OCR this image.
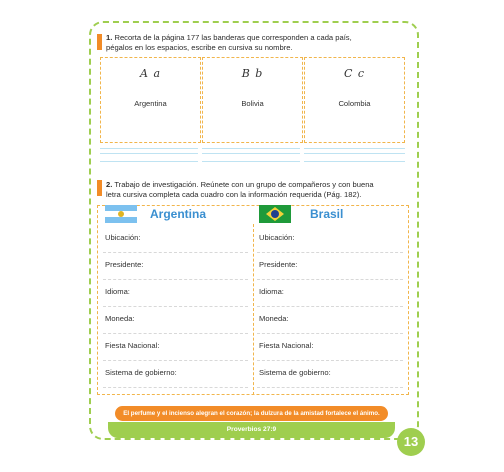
1. Recorta de la página 177 las banderas que corresponden a cada país,
pégalos en los espacios, escribe en cursiva su nombre.
A a
Argentina
B b
Bolivia
C c
Colombia
2. Trabajo de investigación. Reúnete con un grupo de compañeros y con buena
letra cursiva completa cada cuadro con la información requerida (Pág. 182).
Argentina	Brasil
Ubicación:
Presidente:
Idioma:
Moneda:
Fiesta Nacional:
Sistema de gobierno:
Ubicación:
Presidente:
Idioma:
Moneda:
Fiesta Nacional:
Sistema de gobierno:
Proverbios 27:9
El perfume y el incienso alegran el corazón; la dulzura de la amistad fortalece el ánimo.
13
